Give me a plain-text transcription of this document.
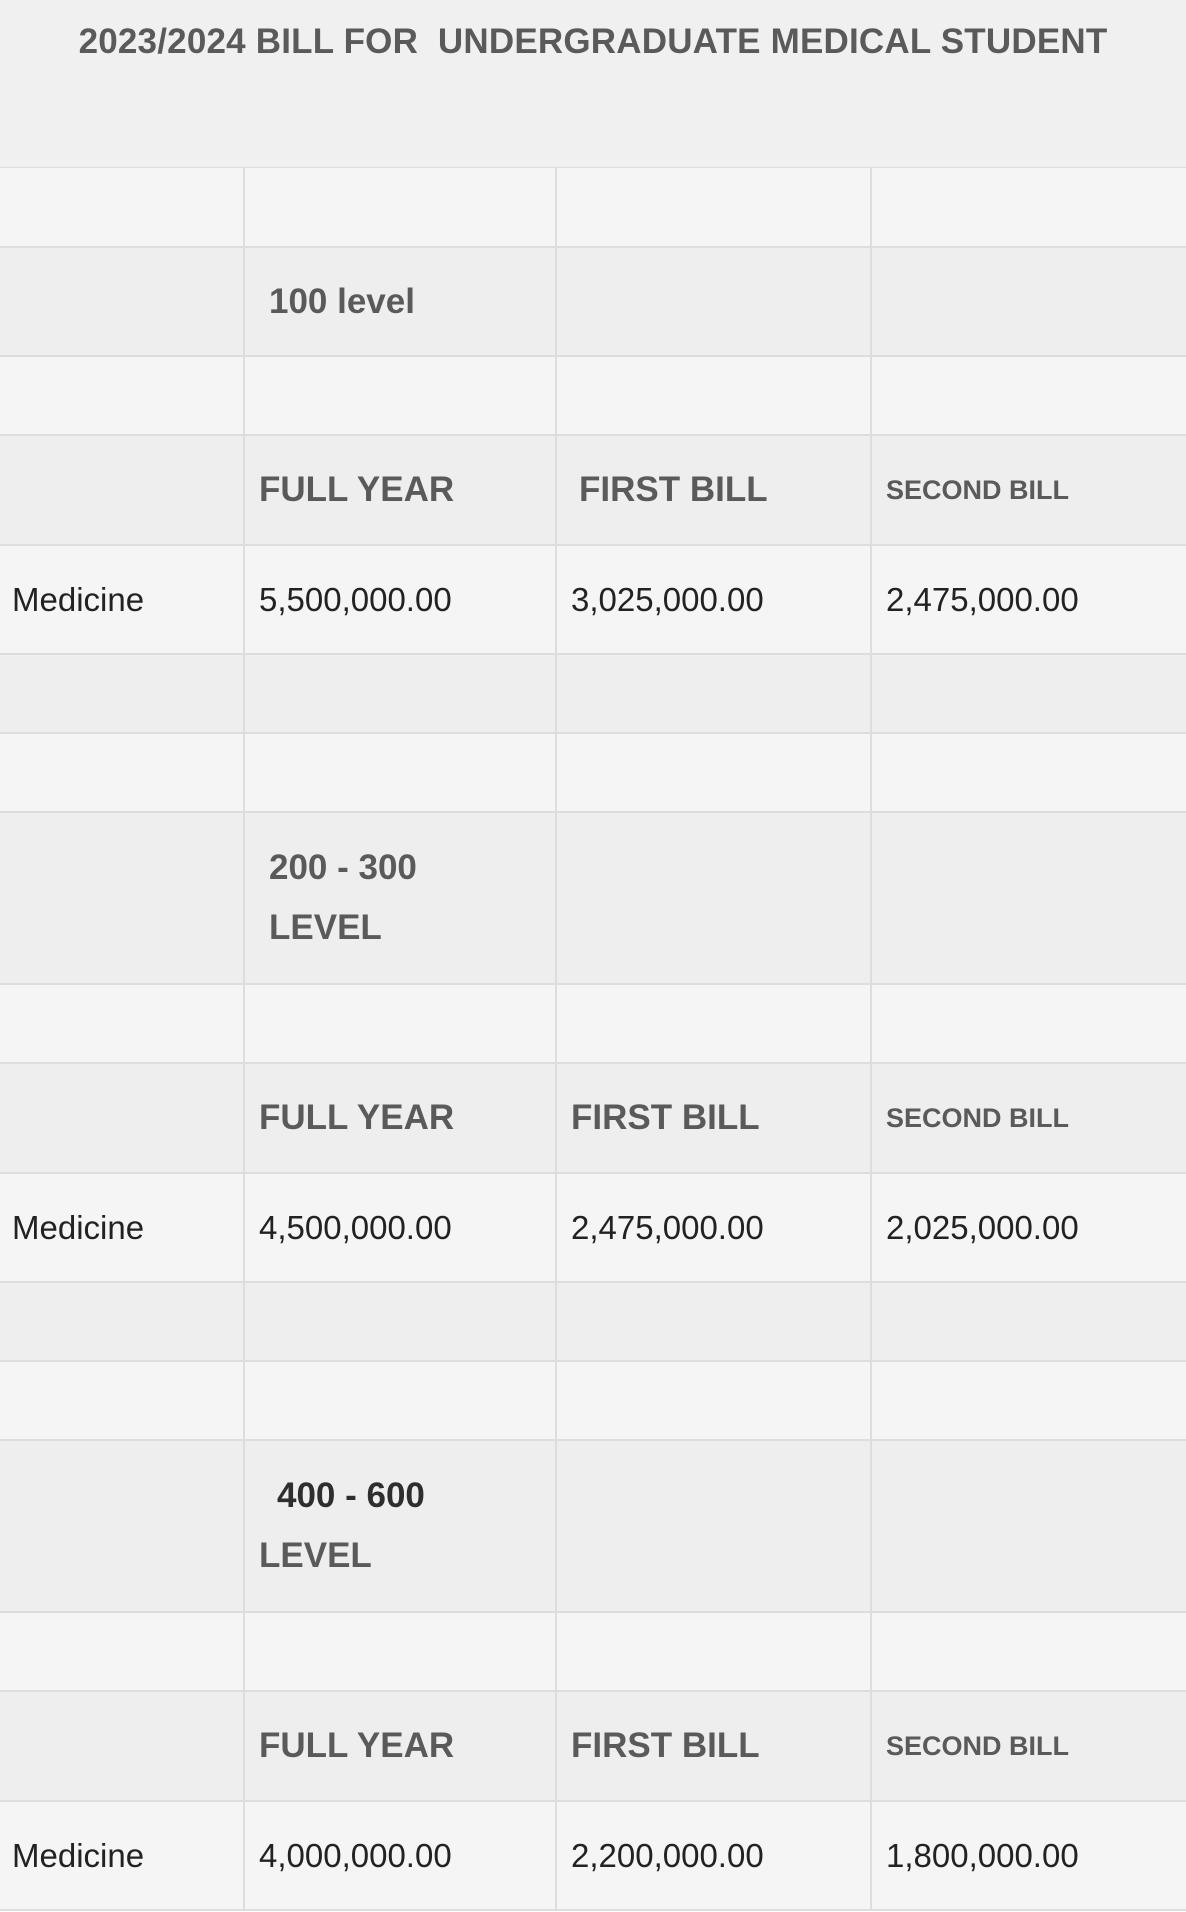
2023/2024 BILL FOR  UNDERGRADUATE MEDICAL STUDENT

	100 level		

	FULL YEAR	FIRST BILL	SECOND BILL
Medicine	5,500,000.00	3,025,000.00	2,475,000.00

	200 - 300
LEVEL		

	FULL YEAR	FIRST BILL	SECOND BILL
Medicine	4,500,000.00	2,475,000.00	2,025,000.00

	400 - 600
LEVEL		

	FULL YEAR	FIRST BILL	SECOND BILL
Medicine	4,000,000.00	2,200,000.00	1,800,000.00
